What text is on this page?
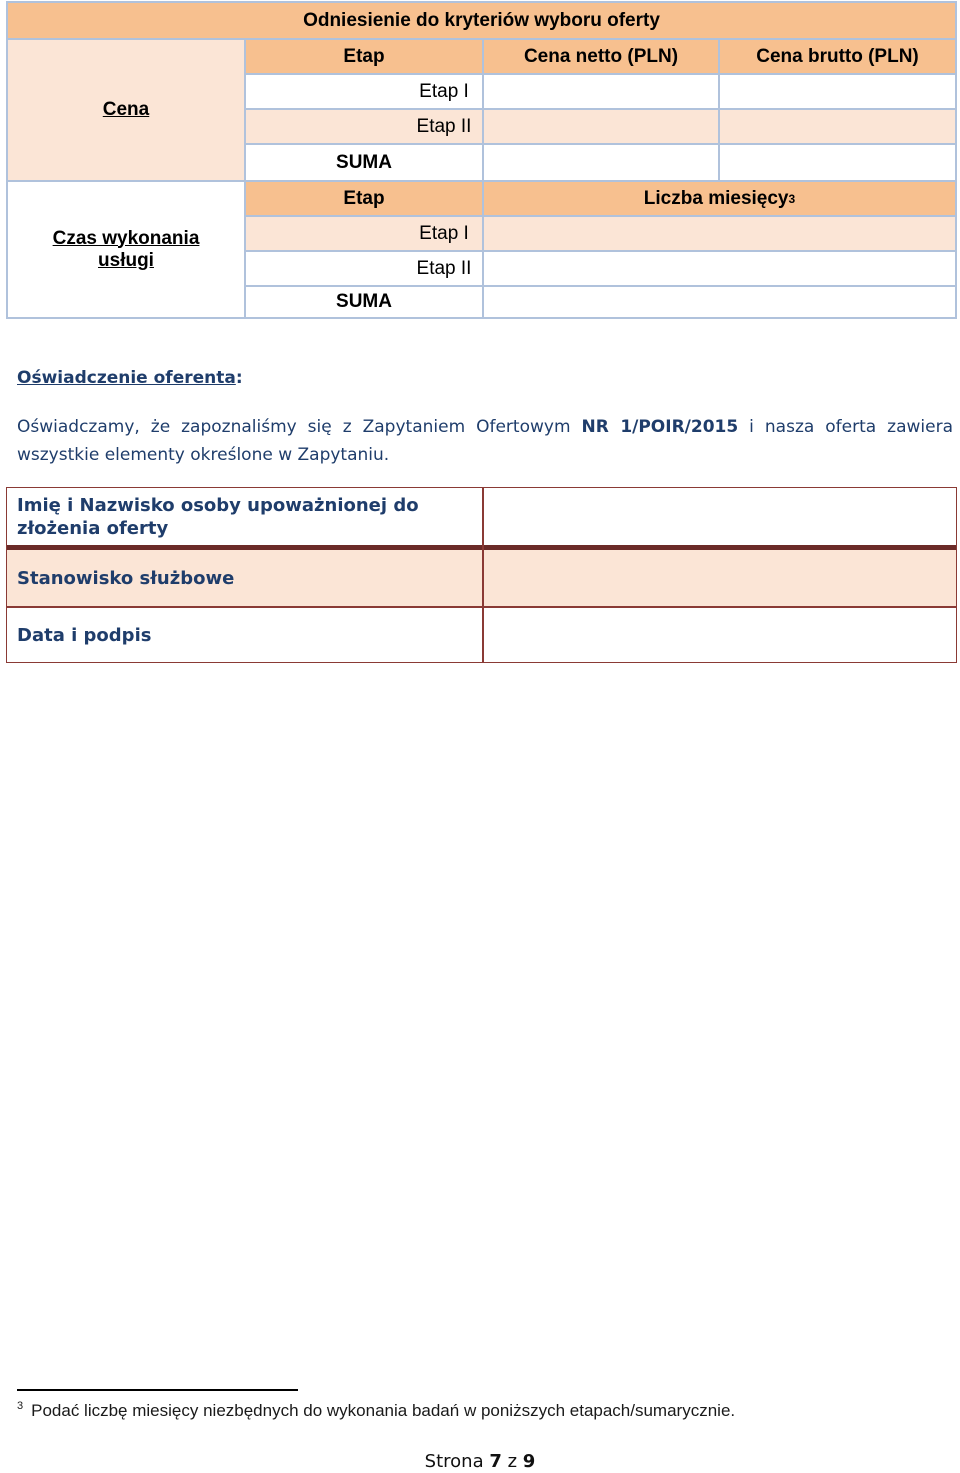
Odniesienie do kryteriów wyboru oferty
Cena
Etap	Cena netto (PLN)	Cena brutto (PLN)
Etap I
Etap II
SUMA
Czas wykonania usługi
Etap	Liczba miesięcy 3
Etap I
Etap II
SUMA
Oświadczenie oferenta:
Oświadczamy, że zapoznaliśmy się z Zapytaniem Ofertowym NR 1/POIR/2015 i nasza oferta zawiera wszystkie elementy określone w Zapytaniu.
Imię i Nazwisko osoby upoważnionej do złożenia oferty
Stanowisko służbowe
Data i podpis
$^3$ Podać liczbę miesięcy niezbędnych do wykonania badań w poniższych etapach/sumarycznie.
Strona 7 z 9
